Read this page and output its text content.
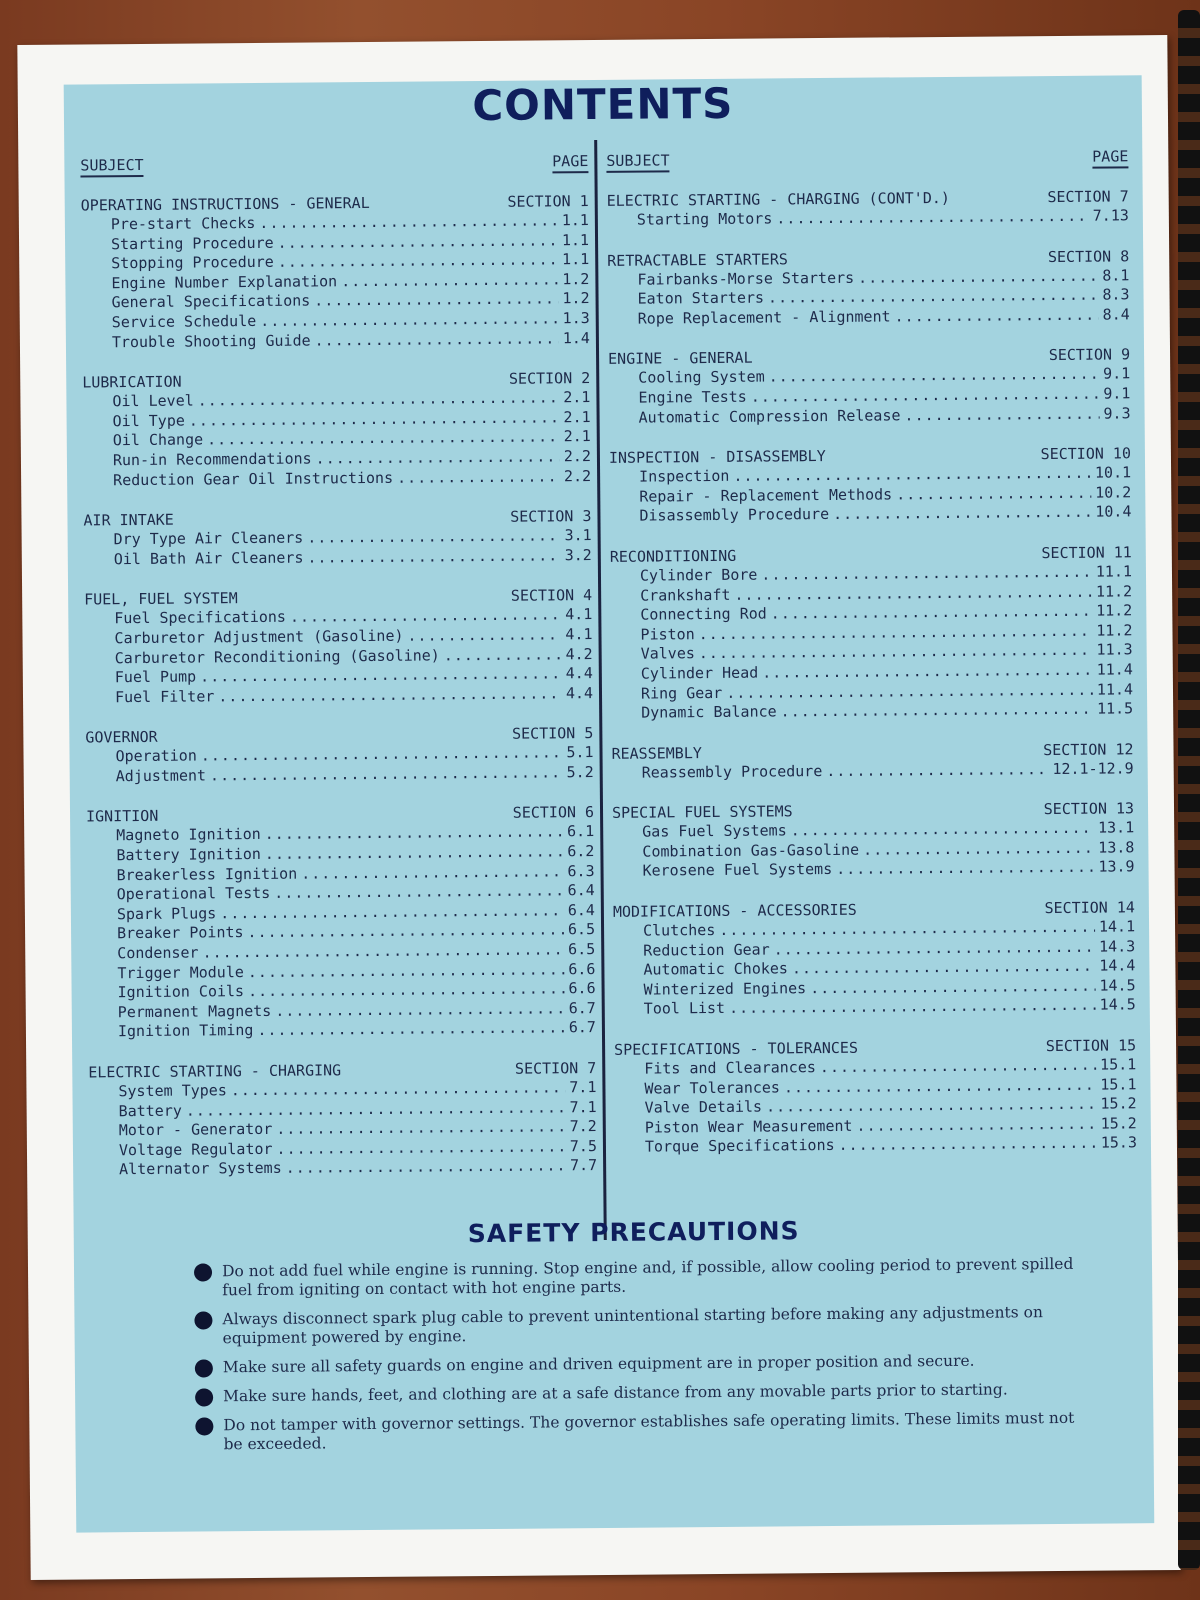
CONTENTS
SUBJECT	PAGE
OPERATING INSTRUCTIONS - GENERAL	SECTION 1
Pre-start Checks .....	1.1
Starting Procedure .....	1.1
Stopping Procedure .....	1.1
Engine Number Explanation .....	1.2
General Specifications .....	1.2
Service Schedule .....	1.3
Trouble Shooting Guide .....	1.4
LUBRICATION	SECTION 2
Oil Level .....	2.1
Oil Type .....	2.1
Oil Change .....	2.1
Run-in Recommendations .....	2.2
Reduction Gear Oil Instructions .....	2.2
AIR INTAKE	SECTION 3
Dry Type Air Cleaners .....	3.1
Oil Bath Air Cleaners .....	3.2
FUEL, FUEL SYSTEM	SECTION 4
Fuel Specifications .....	4.1
Carburetor Adjustment (Gasoline) .....	4.1
Carburetor Reconditioning (Gasoline) .....	4.2
Fuel Pump .....	4.4
Fuel Filter .....	4.4
GOVERNOR	SECTION 5
Operation .....	5.1
Adjustment .....	5.2
IGNITION	SECTION 6
Magneto Ignition .....	6.1
Battery Ignition .....	6.2
Breakerless Ignition .....	6.3
Operational Tests .....	6.4
Spark Plugs .....	6.4
Breaker Points .....	6.5
Condenser .....	6.5
Trigger Module .....	6.6
Ignition Coils .....	6.6
Permanent Magnets .....	6.7
Ignition Timing .....	6.7
ELECTRIC STARTING - CHARGING	SECTION 7
System Types .....	7.1
Battery .....	7.1
Motor - Generator .....	7.2
Voltage Regulator .....	7.5
Alternator Systems .....	7.7
SUBJECT	PAGE
ELECTRIC STARTING - CHARGING (CONT'D.)	SECTION 7
Starting Motors .....	7.13
RETRACTABLE STARTERS	SECTION 8
Fairbanks-Morse Starters .....	8.1
Eaton Starters .....	8.3
Rope Replacement - Alignment .....	8.4
ENGINE - GENERAL	SECTION 9
Cooling System .....	9.1
Engine Tests .....	9.1
Automatic Compression Release .....	9.3
INSPECTION - DISASSEMBLY	SECTION 10
Inspection .....	10.1
Repair - Replacement Methods .....	10.2
Disassembly Procedure .....	10.4
RECONDITIONING	SECTION 11
Cylinder Bore .....	11.1
Crankshaft .....	11.2
Connecting Rod .....	11.2
Piston .....	11.2
Valves .....	11.3
Cylinder Head .....	11.4
Ring Gear .....	11.4
Dynamic Balance .....	11.5
REASSEMBLY	SECTION 12
Reassembly Procedure .....	12.1-12.9
SPECIAL FUEL SYSTEMS	SECTION 13
Gas Fuel Systems .....	13.1
Combination Gas-Gasoline .....	13.8
Kerosene Fuel Systems .....	13.9
MODIFICATIONS - ACCESSORIES	SECTION 14
Clutches .....	14.1
Reduction Gear .....	14.3
Automatic Chokes .....	14.4
Winterized Engines .....	14.5
Tool List .....	14.5
SPECIFICATIONS - TOLERANCES	SECTION 15
Fits and Clearances .....	15.1
Wear Tolerances .....	15.1
Valve Details .....	15.2
Piston Wear Measurement .....	15.2
Torque Specifications .....	15.3
SAFETY PRECAUTIONS
Do not add fuel while engine is running. Stop engine and, if possible, allow cooling period to prevent spilled fuel from igniting on contact with hot engine parts.
Always disconnect spark plug cable to prevent unintentional starting before making any adjustments on equipment powered by engine.
Make sure all safety guards on engine and driven equipment are in proper position and secure.
Make sure hands, feet, and clothing are at a safe distance from any movable parts prior to starting.
Do not tamper with governor settings. The governor establishes safe operating limits. These limits must not be exceeded.
